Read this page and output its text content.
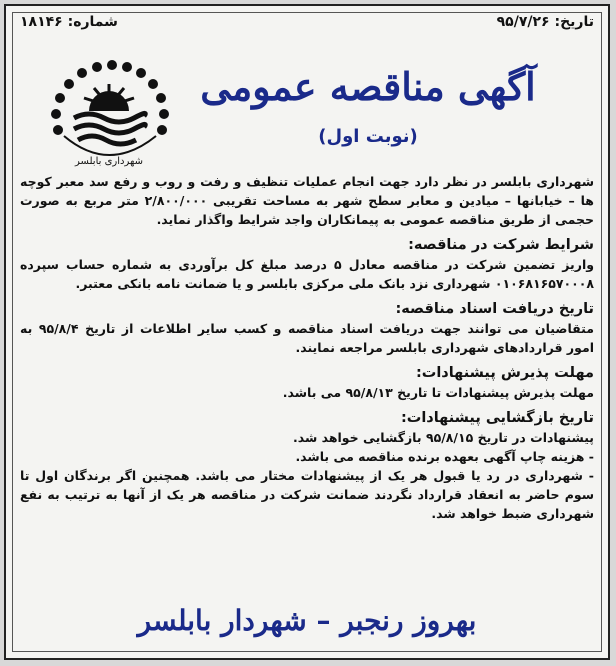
تاریخ: ۹۵/۷/۲۶
شماره: ۱۸۱۴۶
شهرداری بابلسر
آگهی مناقصه عمومی
(نوبت اول)

شهرداری بابلسر در نظر دارد جهت انجام عملیات تنظیف و رفت و روب و رفع سد معبر کوچه ها – خیابانها – میادین و معابر سطح شهر به مساحت تقریبی ۲/۸۰۰/۰۰۰ متر مربع به صورت حجمی از طریق مناقصه عمومی به پیمانکاران واجد شرایط واگذار نماید.

شرایط شرکت در مناقصه:
واریز تضمین شرکت در مناقصه معادل ۵ درصد مبلغ کل برآوردی به شماره حساب سپرده ۰۱۰۶۸۱۶۵۷۰۰۰۸ شهرداری نزد بانک ملی مرکزی بابلسر و یا ضمانت نامه بانکی معتبر.
تاریخ دریافت اسناد مناقصه:
متقاضیان می توانند جهت دریافت اسناد مناقصه و کسب سایر اطلاعات از تاریخ ۹۵/۸/۴ به امور قراردادهای شهرداری بابلسر مراجعه نمایند.
مهلت پذیرش پیشنهادات:
مهلت پذیرش پیشنهادات تا تاریخ ۹۵/۸/۱۳ می باشد.
تاریخ بازگشایی پیشنهادات:
پیشنهادات در تاریخ ۹۵/۸/۱۵ بازگشایی خواهد شد.
- هزینه چاپ آگهی بعهده برنده مناقصه می باشد.
- شهرداری در رد یا قبول هر یک از پیشنهادات مختار می باشد. همچنین اگر برندگان اول تا سوم حاضر به انعقاد قرارداد نگردند ضمانت شرکت در مناقصه هر یک از آنها به ترتیب به نفع شهرداری ضبط خواهد شد.
بهروز رنجبر – شهردار بابلسر
